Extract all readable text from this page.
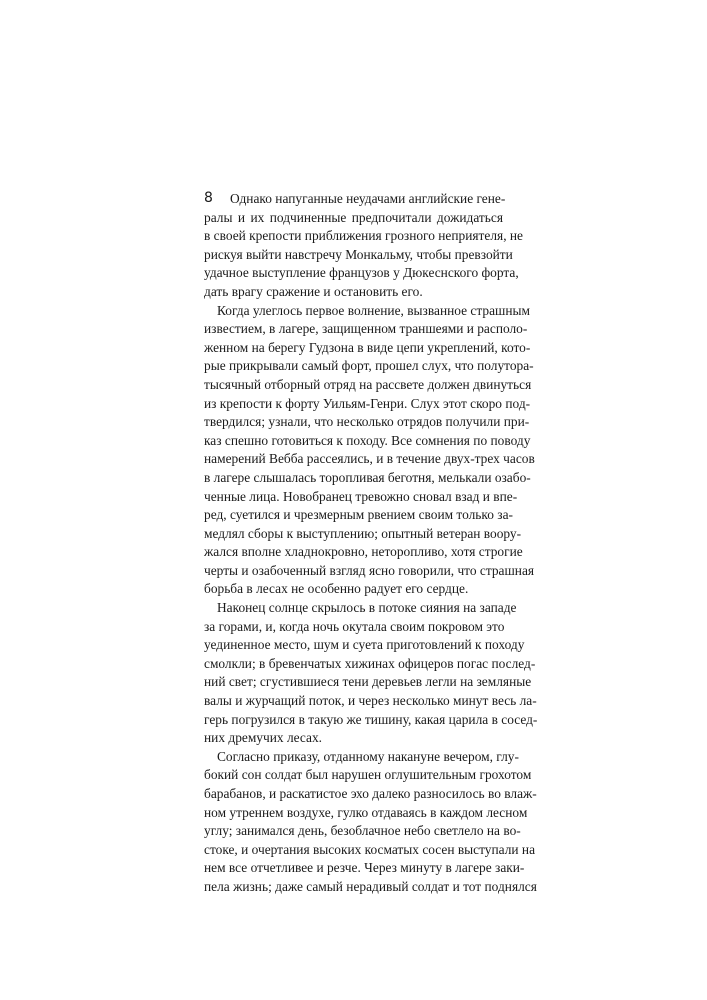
8	Однако напуганные неудачами английские гене-
ралы и их подчиненные предпочитали дожидаться
в своей крепости приближения грозного неприятеля, не
рискуя выйти навстречу Монкальму, чтобы превзойти
удачное выступление французов у Дюкеснского форта,
дать врагу сражение и остановить его.
Когда улеглось первое волнение, вызванное страшным
известием, в лагере, защищенном траншеями и располо-
женном на берегу Гудзона в виде цепи укреплений, кото-
рые прикрывали самый форт, прошел слух, что полутора-
тысячный отборный отряд на рассвете должен двинуться
из крепости к форту Уильям-Генри. Слух этот скоро под-
твердился; узнали, что несколько отрядов получили при-
каз спешно готовиться к походу. Все сомнения по поводу
намерений Вебба рассеялись, и в течение двух-трех часов
в лагере слышалась торопливая беготня, мелькали озабо-
ченные лица. Новобранец тревожно сновал взад и впе-
ред, суетился и чрезмерным рвением своим только за-
медлял сборы к выступлению; опытный ветеран воору-
жался вполне хладнокровно, неторопливо, хотя строгие
черты и озабоченный взгляд ясно говорили, что страшная
борьба в лесах не особенно радует его сердце.
Наконец солнце скрылось в потоке сияния на западе
за горами, и, когда ночь окутала своим покровом это
уединенное место, шум и суета приготовлений к походу
смолкли; в бревенчатых хижинах офицеров погас послед-
ний свет; сгустившиеся тени деревьев легли на земляные
валы и журчащий поток, и через несколько минут весь ла-
герь погрузился в такую же тишину, какая царила в сосед-
них дремучих лесах.
Согласно приказу, отданному накануне вечером, глу-
бокий сон солдат был нарушен оглушительным грохотом
барабанов, и раскатистое эхо далеко разносилось во влаж-
ном утреннем воздухе, гулко отдаваясь в каждом лесном
углу; занимался день, безоблачное небо светлело на во-
стоке, и очертания высоких косматых сосен выступали на
нем все отчетливее и резче. Через минуту в лагере заки-
пела жизнь; даже самый нерадивый солдат и тот поднялся
